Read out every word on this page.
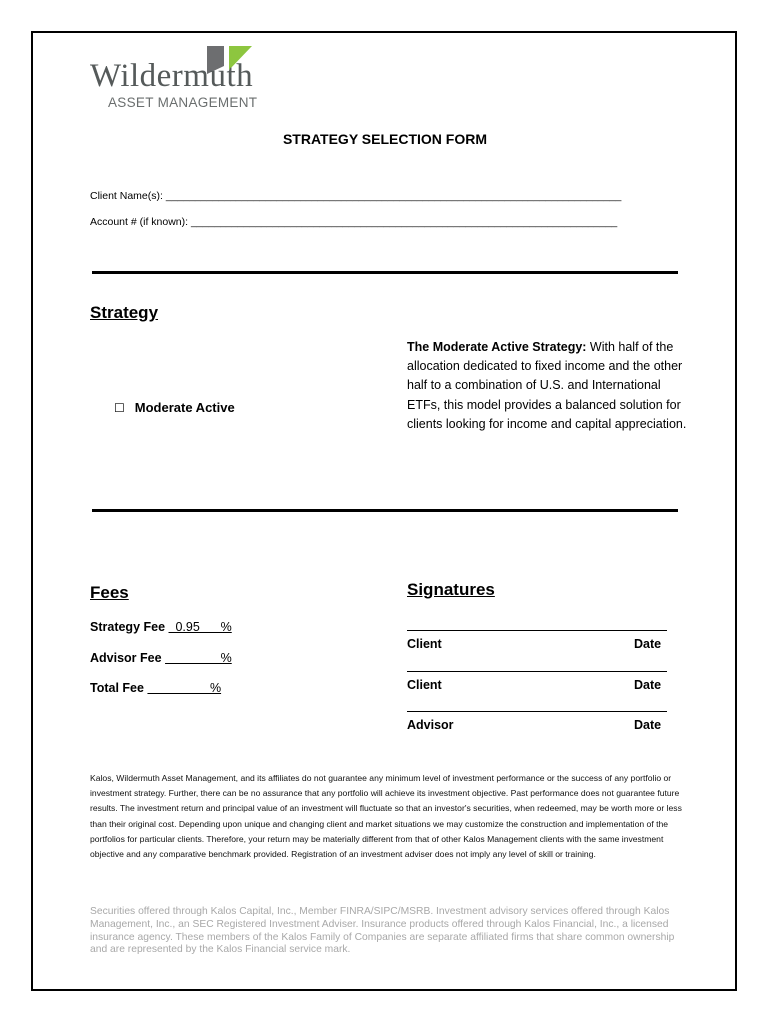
Wildermuth
ASSET MANAGEMENT
STRATEGY SELECTION FORM
Client Name(s): ______________________________________________________________________________
Account # (if known): _________________________________________________________________________
Strategy
☐ Moderate Active
The Moderate Active Strategy: With half of the allocation dedicated to fixed income and the other half to a combination of U.S. and International ETFs, this model provides a balanced solution for clients looking for income and capital appreciation.
Fees
Strategy Fee   0.95      %
Advisor Fee                 %
Total Fee                   %
Signatures
Client	Date
Client	Date
Advisor	Date
Kalos, Wildermuth Asset Management, and its affiliates do not guarantee any minimum level of investment performance or the success of any portfolio or investment strategy. Further, there can be no assurance that any portfolio will achieve its investment objective. Past performance does not guarantee future results. The investment return and principal value of an investment will fluctuate so that an investor's securities, when redeemed, may be worth more or less than their original cost. Depending upon unique and changing client and market situations we may customize the construction and implementation of the portfolios for particular clients. Therefore, your return may be materially different from that of other Kalos Management clients with the same investment objective and any comparative benchmark provided. Registration of an investment adviser does not imply any level of skill or training.
Securities offered through Kalos Capital, Inc., Member FINRA/SIPC/MSRB. Investment advisory services offered through Kalos Management, Inc., an SEC Registered Investment Adviser. Insurance products offered through Kalos Financial, Inc., a licensed insurance agency. These members of the Kalos Family of Companies are separate affiliated firms that share common ownership and are represented by the Kalos Financial service mark.
